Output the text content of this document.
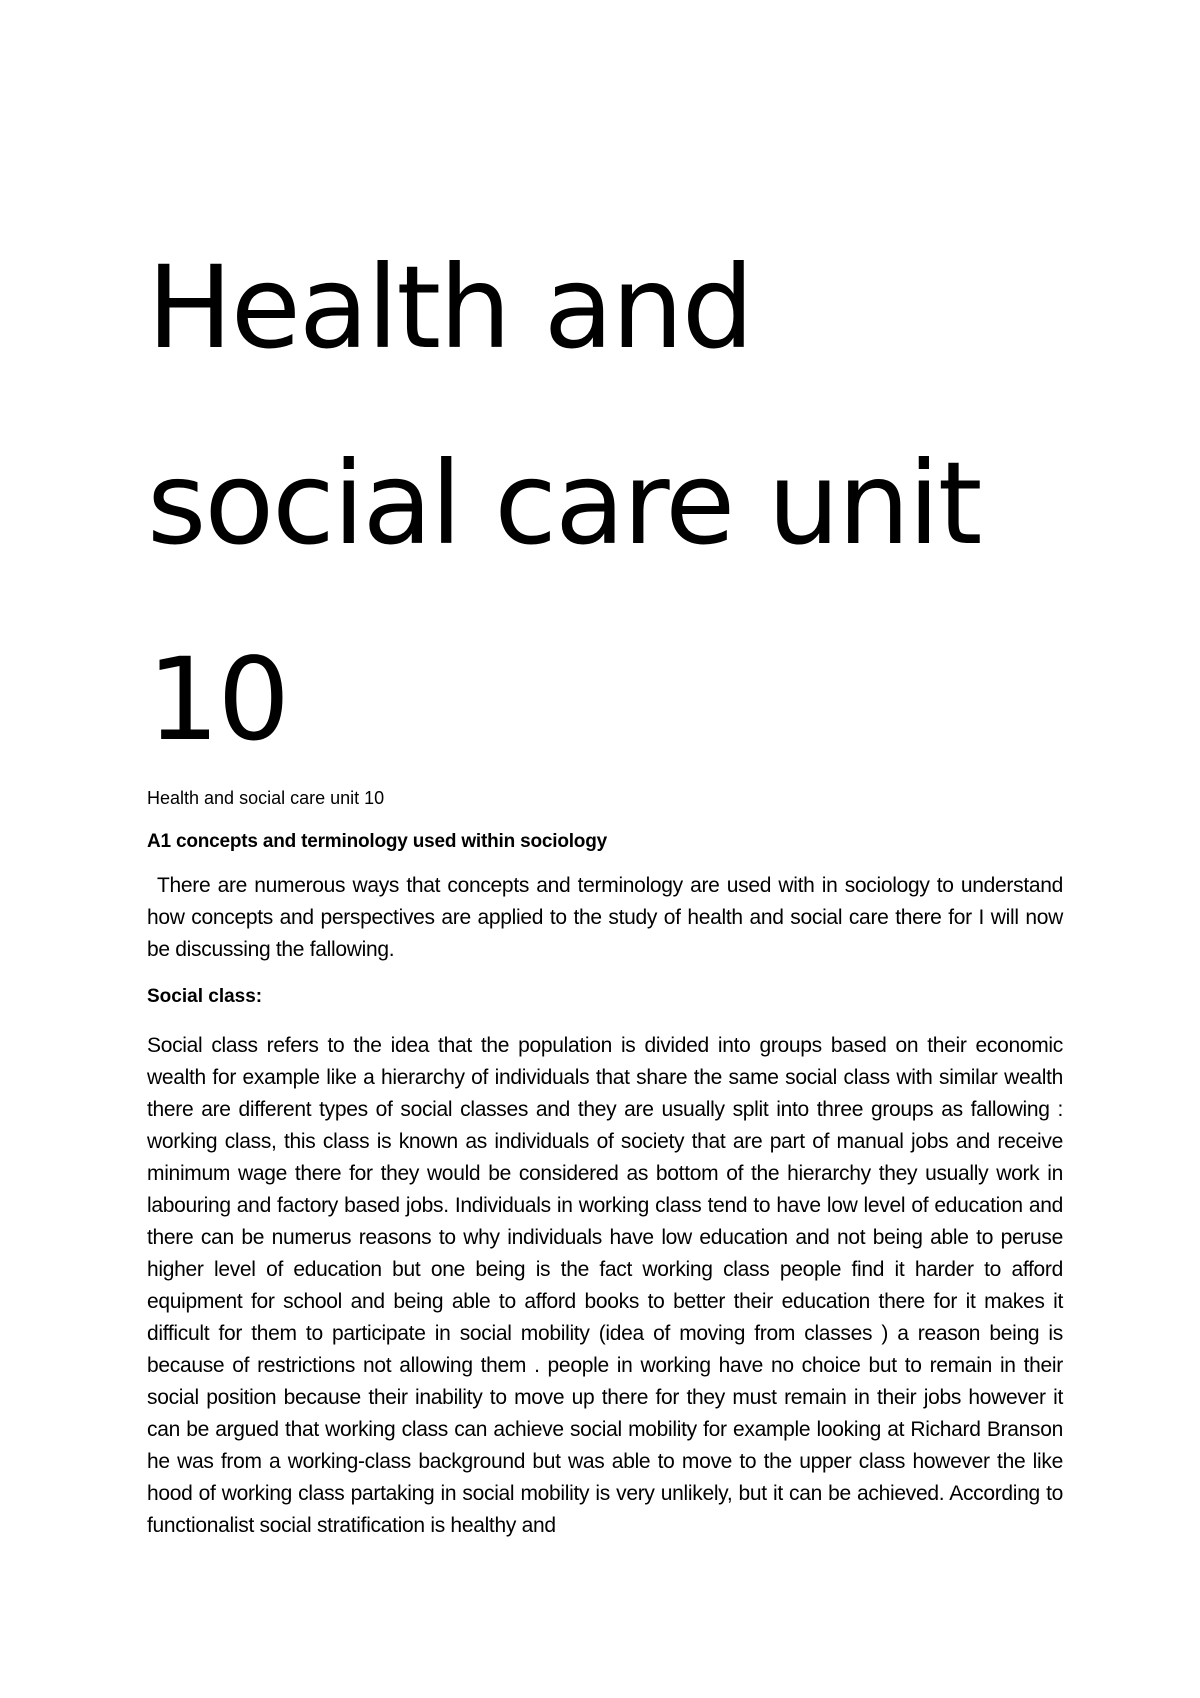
Health and
social care unit
10

Health and social care unit 10

A1 concepts and terminology used within sociology

There are numerous ways that concepts and terminology are used with in sociology to understand how concepts and perspectives are applied to the study of health and social care there for I will now be discussing the fallowing.

Social class:

Social class refers to the idea that the population is divided into groups based on their economic wealth for example like a hierarchy of individuals that share the same social class with similar wealth there are different types of social classes and they are usually split into three groups as fallowing : working class, this class is known as individuals of society that are part of manual jobs and receive minimum wage there for they would be considered as bottom of the hierarchy they usually work in labouring and factory based jobs. Individuals in working class tend to have low level of education and there can be numerus reasons to why individuals have low education and not being able to peruse higher level of education but one being is the fact working class people find it harder to afford equipment for school and being able to afford books to better their education there for it makes it difficult for them to participate in social mobility (idea of moving from classes ) a reason being is because of restrictions not allowing them . people in working have no choice but to remain in their social position because their inability to move up there for they must remain in their jobs however it can be argued that working class can achieve social mobility for example looking at Richard Branson he was from a working-class background but was able to move to the upper class however the like hood of working class partaking in social mobility is very unlikely, but it can be achieved. According to functionalist social stratification is healthy and
